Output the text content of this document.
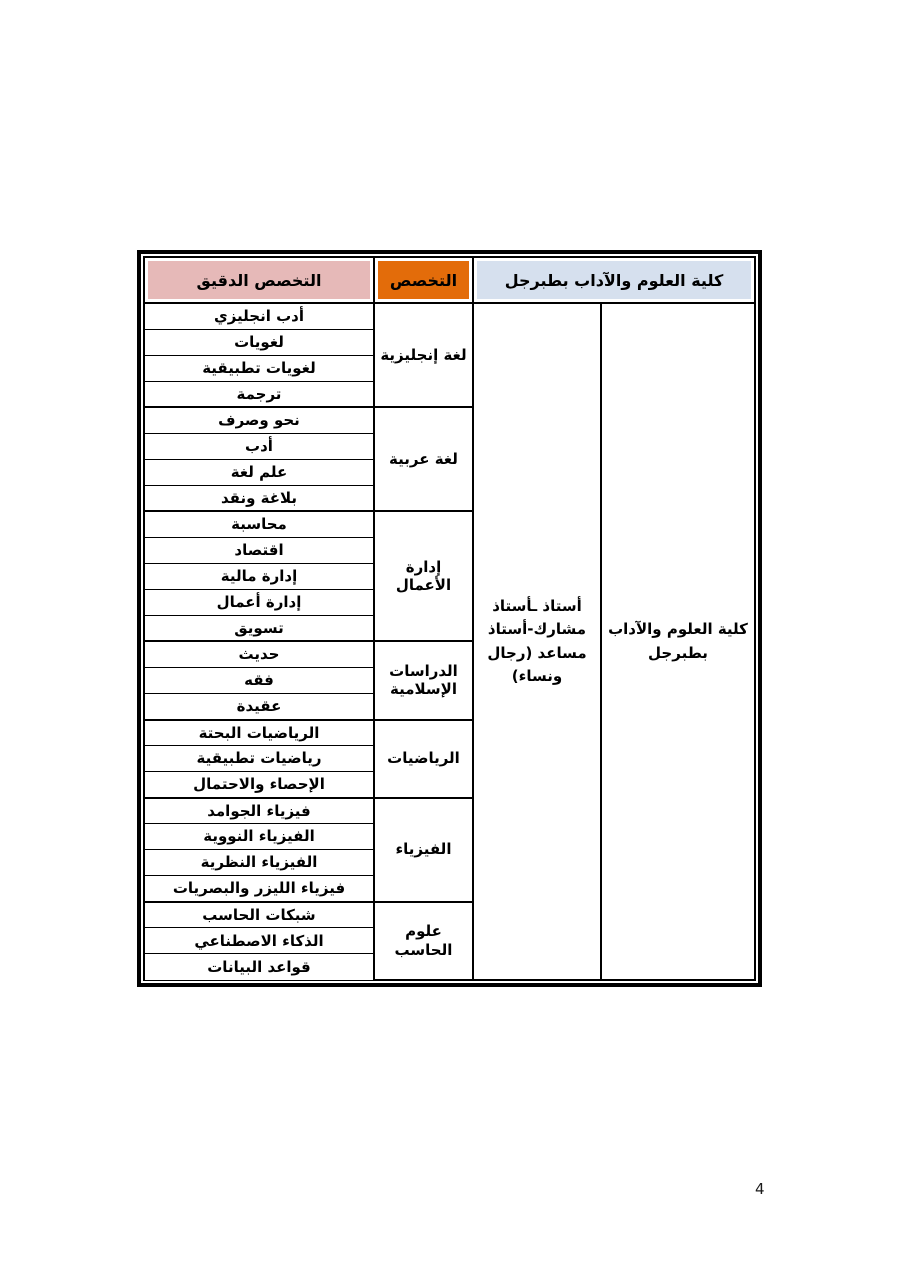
كلية العلوم والآداب بطبرجل		التخصص	التخصص الدقيق
كلية العلوم والآداب بطبرجل	أستاذ ـأستاذ مشارك-أستاذ مساعد (رجال ونساء)	لغة إنجليزية	أدب انجليزي
			لغويات
			لغويات تطبيقية
			ترجمة
		لغة عربية	نحو وصرف
			أدب
			علم لغة
			بلاغة ونقد
		إدارة الأعمال	محاسبة
			اقتصاد
			إدارة مالية
			إدارة أعمال
			تسويق
		الدراسات الإسلامية	حديث
			فقه
			عقيدة
		الرياضيات	الرياضيات البحتة
			رياضيات تطبيقية
			الإحصاء والاحتمال
		الفيزياء	فيزياء الجوامد
			الفيزياء النووية
			الفيزياء النظرية
			فيزياء الليزر والبصريات
		علوم الحاسب	شبكات الحاسب
			الذكاء الاصطناعي
			قواعد البيانات
4
